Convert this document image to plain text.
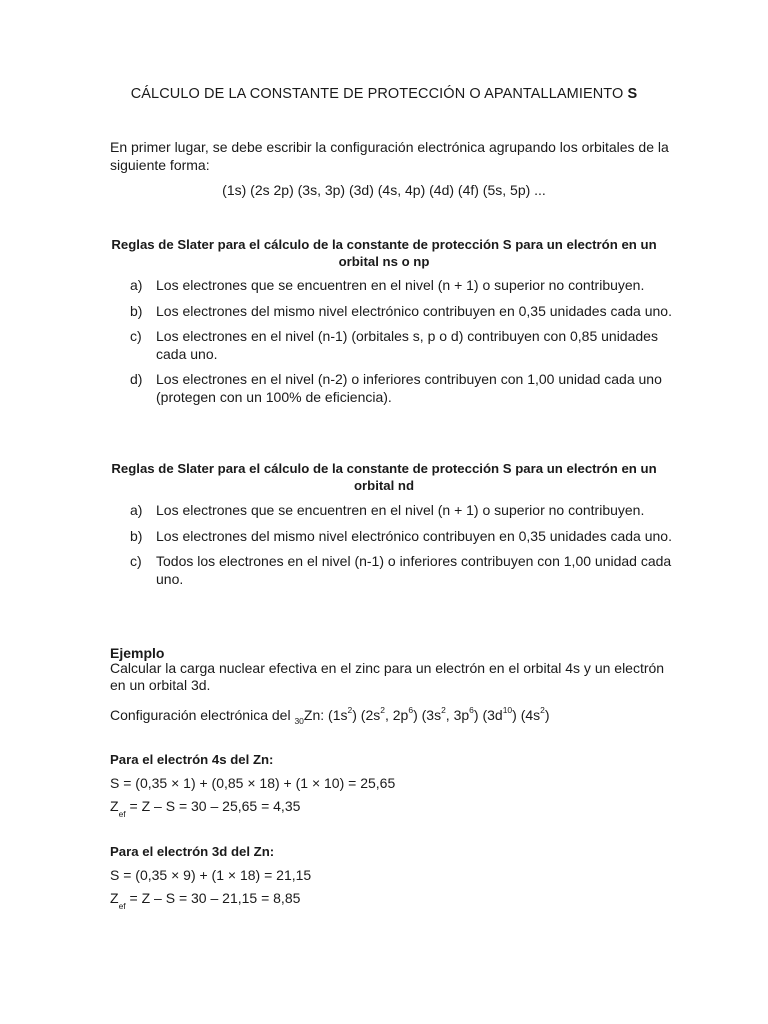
CÁLCULO DE LA CONSTANTE DE PROTECCIÓN O APANTALLAMIENTO S
En primer lugar, se debe escribir la configuración electrónica agrupando los orbitales de la siguiente forma:
(1s) (2s 2p) (3s, 3p) (3d) (4s, 4p) (4d) (4f) (5s, 5p) ...
Reglas de Slater para el cálculo de la constante de protección S para un electrón en un orbital ns o np
a) Los electrones que se encuentren en el nivel (n + 1) o superior no contribuyen.
b) Los electrones del mismo nivel electrónico contribuyen en 0,35 unidades cada uno.
c) Los electrones en el nivel (n-1) (orbitales s, p o d) contribuyen con 0,85 unidades cada uno.
d) Los electrones en el nivel (n-2) o inferiores contribuyen con 1,00 unidad cada uno (protegen con un 100% de eficiencia).
Reglas de Slater para el cálculo de la constante de protección S para un electrón en un orbital nd
a) Los electrones que se encuentren en el nivel (n + 1) o superior no contribuyen.
b) Los electrones del mismo nivel electrónico contribuyen en 0,35 unidades cada uno.
c) Todos los electrones en el nivel (n-1) o inferiores contribuyen con 1,00 unidad cada uno.
Ejemplo
Calcular la carga nuclear efectiva en el zinc para un electrón en el orbital 4s y un electrón en un orbital 3d.
Configuración electrónica del $_{30}$Zn: $(1s^2)$ ($2s^2$, $2p^6$) ($3s^2$, $3p^6$) $(3d^{10})$ $(4s^2)$
Para el electrón 4s del Zn:
S = (0,35 × 1) + (0,85 × 18) + (1 × 10) = 25,65
$Z_{ef} = Z - S = 30 - 25,65 = 4,35$
Para el electrón 3d del Zn:
S = (0,35 × 9) + (1 × 18) = 21,15
$Z_{ef} = Z - S = 30 - 21,15 = 8,85$
